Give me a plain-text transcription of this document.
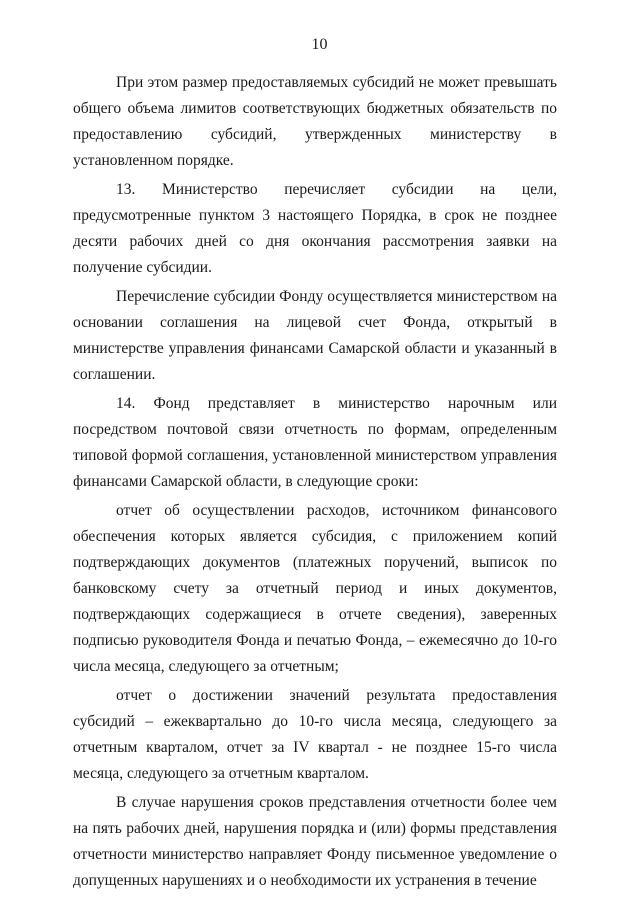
10

При этом размер предоставляемых субсидий не может превышать общего объема лимитов соответствующих бюджетных обязательств по предоставлению субсидий, утвержденных министерству в установленном порядке.

13. Министерство перечисляет субсидии на цели, предусмотренные пунктом 3 настоящего Порядка, в срок не позднее десяти рабочих дней со дня окончания рассмотрения заявки на получение субсидии.

Перечисление субсидии Фонду осуществляется министерством на основании соглашения на лицевой счет Фонда, открытый в министерстве управления финансами Самарской области и указанный в соглашении.

14. Фонд представляет в министерство нарочным или посредством почтовой связи отчетность по формам, определенным типовой формой соглашения, установленной министерством управления финансами Самарской области, в следующие сроки:

отчет об осуществлении расходов, источником финансового обеспечения которых является субсидия, с приложением копий подтверждающих документов (платежных поручений, выписок по банковскому счету за отчетный период и иных документов, подтверждающих содержащиеся в отчете сведения), заверенных подписью руководителя Фонда и печатью Фонда, – ежемесячно до 10-го числа месяца, следующего за отчетным;

отчет о достижении значений результата предоставления субсидий – ежеквартально до 10-го числа месяца, следующего за отчетным кварталом, отчет за IV квартал - не позднее 15-го числа месяца, следующего за отчетным кварталом.

В случае нарушения сроков представления отчетности более чем на пять рабочих дней, нарушения порядка и (или) формы представления отчетности министерство направляет Фонду письменное уведомление о допущенных нарушениях и о необходимости их устранения в течение
